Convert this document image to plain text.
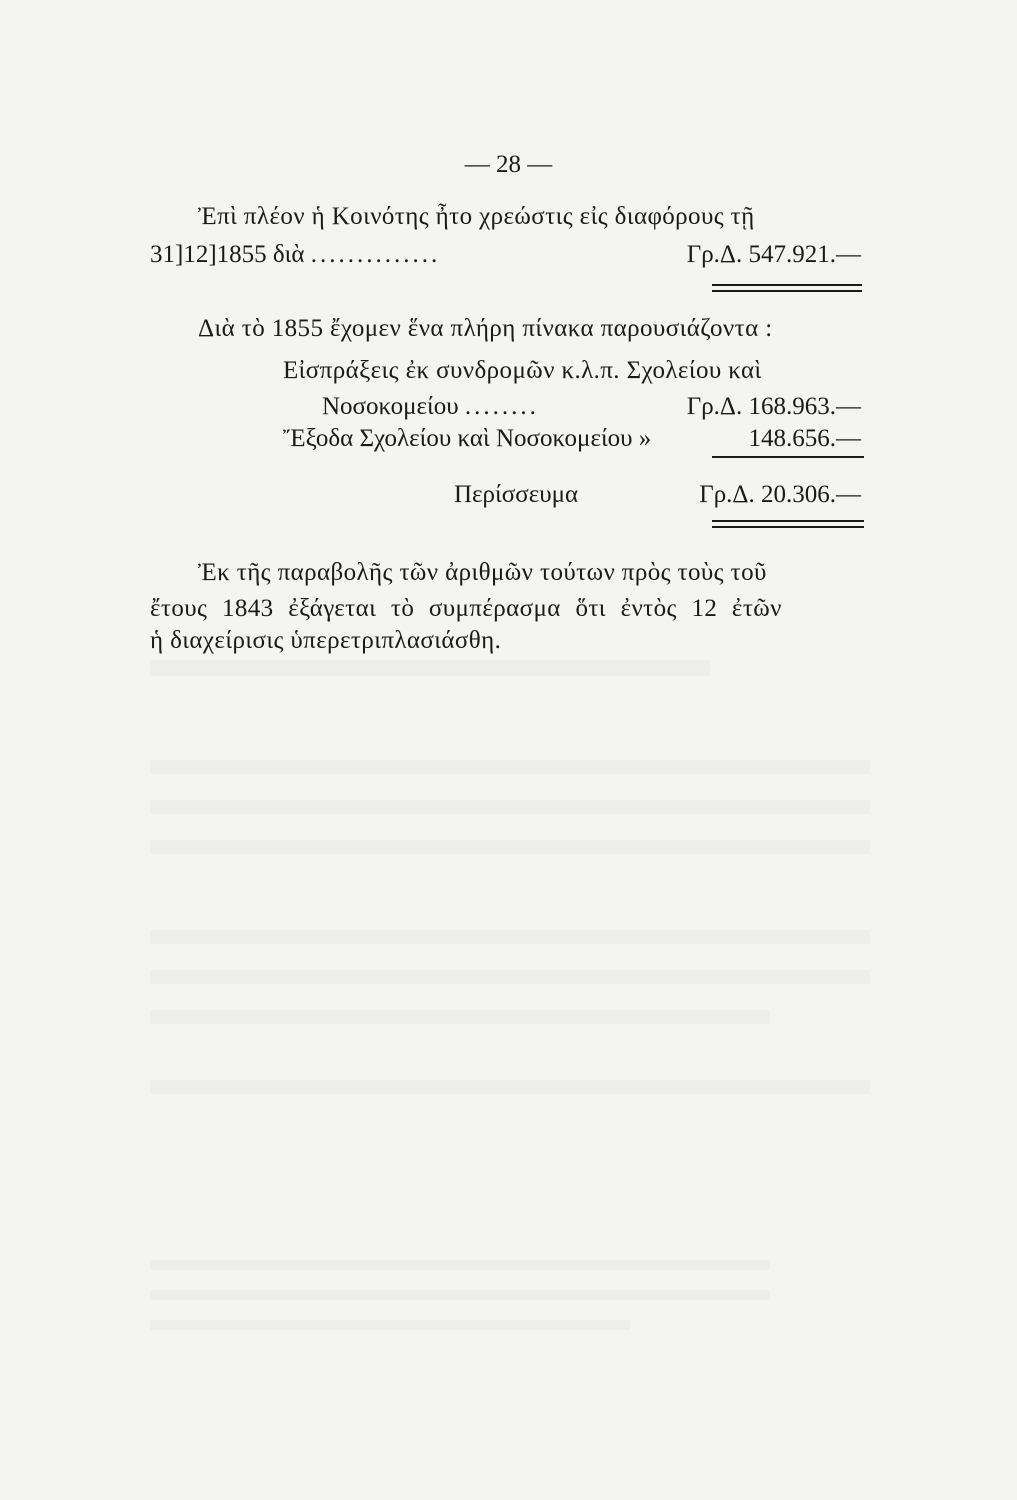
— 28 —
Ἐπὶ πλέον ἡ Κοινότης ἦτο χρεώστις εἰς διαφόρους τῇ
31]12]1855 διὰ ..............	Γρ.Δ. 547.921.—
Διὰ τὸ 1855 ἔχομεν ἕνα πλήρη πίνακα παρουσιάζοντα :
Εἰσπράξεις ἐκ συνδρομῶν κ.λ.π. Σχολείου καὶ
Νοσοκομείου ........	Γρ.Δ. 168.963.—
Ἔξοδα Σχολείου καὶ Νοσοκομείου »	148.656.—
Περίσσευμα	Γρ.Δ. 20.306.—
Ἐκ τῆς παραβολῆς τῶν ἀριθμῶν τούτων πρὸς τοὺς τοῦ
ἔτους 1843 ἐξάγεται τὸ συμπέρασμα ὅτι ἐντὸς 12 ἐτῶν
ἡ διαχείρισις ὑπερετριπλασιάσθη.
